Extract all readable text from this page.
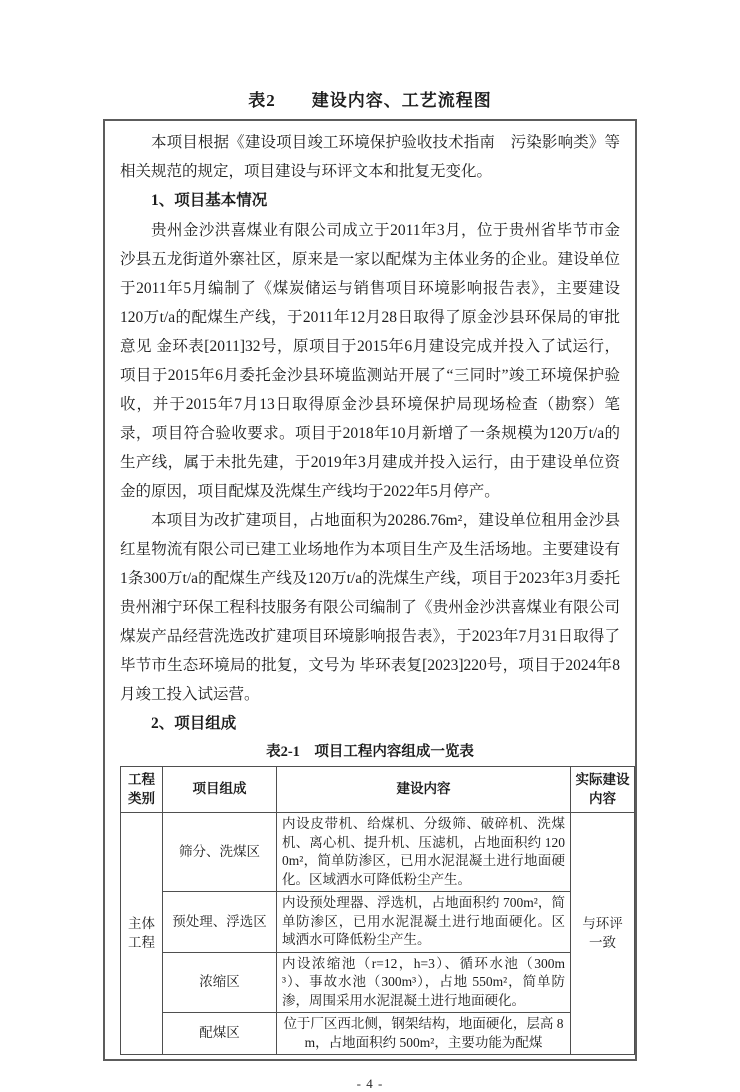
表2　　建设内容、工艺流程图

本项目根据《建设项目竣工环境保护验收技术指南　污染影响类》等相关规范的规定，项目建设与环评文本和批复无变化。

1、项目基本情况

贵州金沙洪喜煤业有限公司成立于2011年3月，位于贵州省毕节市金沙县五龙街道外寨社区，原来是一家以配煤为主体业务的企业。建设单位于2011年5月编制了《煤炭储运与销售项目环境影响报告表》，主要建设120万t/a的配煤生产线，于2011年12月28日取得了原金沙县环保局的审批意见 金环表[2011]32号，原项目于2015年6月建设完成并投入了试运行，项目于2015年6月委托金沙县环境监测站开展了“三同时”竣工环境保护验收，并于2015年7月13日取得原金沙县环境保护局现场检查（勘察）笔录，项目符合验收要求。项目于2018年10月新增了一条规模为120万t/a的生产线，属于未批先建，于2019年3月建成并投入运行，由于建设单位资金的原因，项目配煤及洗煤生产线均于2022年5月停产。

本项目为改扩建项目，占地面积为20286.76m²，建设单位租用金沙县红星物流有限公司已建工业场地作为本项目生产及生活场地。主要建设有1条300万t/a的配煤生产线及120万t/a的洗煤生产线，项目于2023年3月委托贵州湘宁环保工程科技服务有限公司编制了《贵州金沙洪喜煤业有限公司煤炭产品经营洗选改扩建项目环境影响报告表》，于2023年7月31日取得了毕节市生态环境局的批复，文号为 毕环表复[2023]220号，项目于2024年8月竣工投入试运营。

2、项目组成

表2-1　项目工程内容组成一览表
工程类别	项目组成	建设内容	实际建设内容
主体工程	筛分、洗煤区	内设皮带机、给煤机、分级筛、破碎机、洗煤机、离心机、提升机、压滤机，占地面积约 1200m²，简单防渗区，已用水泥混凝土进行地面硬化。区域洒水可降低粉尘产生。	与环评一致
	预处理、浮选区	内设预处理器、浮选机，占地面积约 700m²，简单防渗区，已用水泥混凝土进行地面硬化。区域洒水可降低粉尘产生。	
	浓缩区	内设浓缩池（r=12，h=3）、循环水池（300m³）、事故水池（300m³），占地 550m²，简单防渗，周围采用水泥混凝土进行地面硬化。	
	配煤区	位于厂区西北侧，钢架结构，地面硬化，层高 8m，占地面积约 500m²，主要功能为配煤	
- 4 -
